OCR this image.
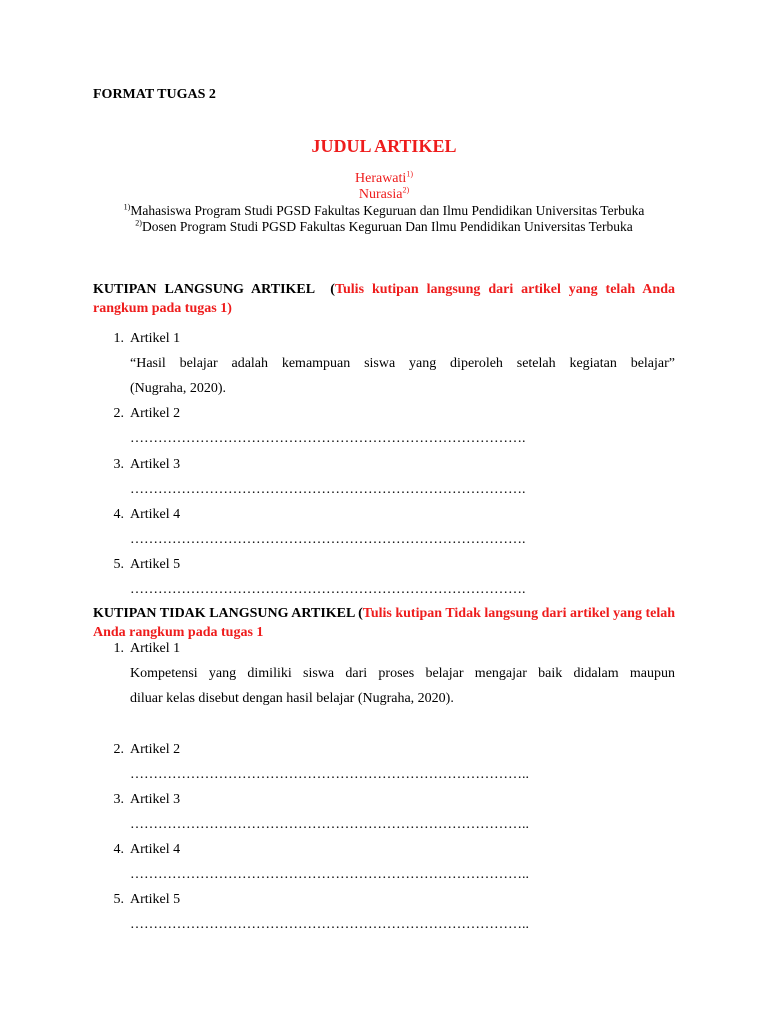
FORMAT TUGAS 2
JUDUL ARTIKEL
Herawati$^{1)}$
Nurasia$^{2)}$
$^{1)}$Mahasiswa Program Studi PGSD Fakultas Keguruan dan Ilmu Pendidikan Universitas Terbuka
$^{2)}$Dosen Program Studi PGSD Fakultas Keguruan Dan Ilmu Pendidikan Universitas Terbuka
KUTIPAN LANGSUNG ARTIKEL (Tulis kutipan langsung dari artikel yang telah Anda rangkum pada tugas 1)
1. Artikel 1
“Hasil belajar adalah kemampuan siswa yang diperoleh setelah kegiatan belajar”
(Nugraha, 2020).
2. Artikel 2
………………………………………………………………………….
3. Artikel 3
………………………………………………………………………….
4. Artikel 4
………………………………………………………………………….
5. Artikel 5
………………………………………………………………………….
KUTIPAN TIDAK LANGSUNG ARTIKEL (Tulis kutipan Tidak langsung dari artikel yang telah Anda rangkum pada tugas 1
1. Artikel 1
Kompetensi yang dimiliki siswa dari proses belajar mengajar baik didalam maupun
diluar kelas disebut dengan hasil belajar (Nugraha, 2020).
2. Artikel 2
…………………………………………………………………………..
3. Artikel 3
…………………………………………………………………………..
4. Artikel 4
…………………………………………………………………………..
5. Artikel 5
…………………………………………………………………………..
